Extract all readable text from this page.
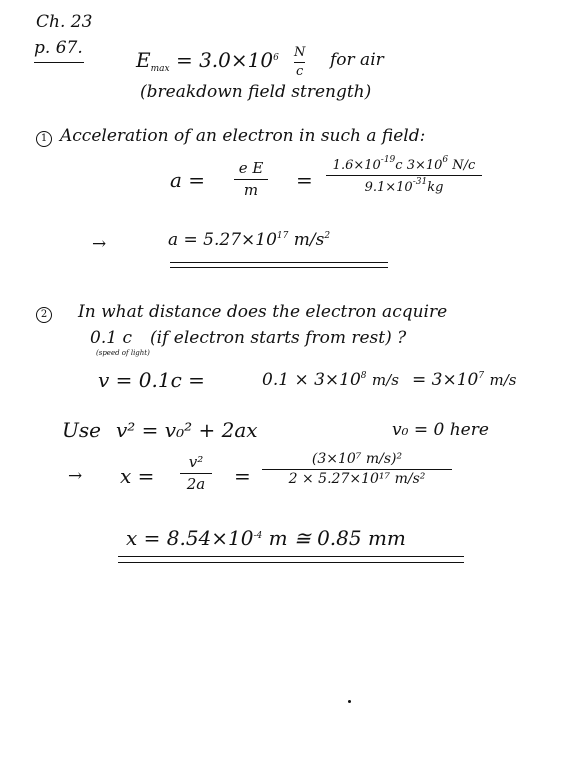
Ch. 23
p. 67.	$E_{max} = 3.0\times 10^6$ N
c
for air
(breakdown field strength)
1 Acceleration of an electron in such a field:
a = e E
m =
$1.6\times 10^{-19}c$ $3\times 10^6$ N/c
$9.1\times 10^{-31}kg$
→	$a = 5.27\times 10^{17}$ $m/s^2$
2 In what distance does the electron acquire
0.1 c (if electron starts from rest) ?
(speed of light)
v = 0.1c =	$0.1 \times 3\times 10^8$ $m/s = 3\times 10^7$ m/s
Use v² = v₀² + 2ax	v₀ = 0 here
→ x =
v²
2a =
(3×10⁷ m/s)²
2 × 5.27×10¹⁷ m/s²
$x = 8.54\times 10^{-4}$ m ≅ 0.85 mm
